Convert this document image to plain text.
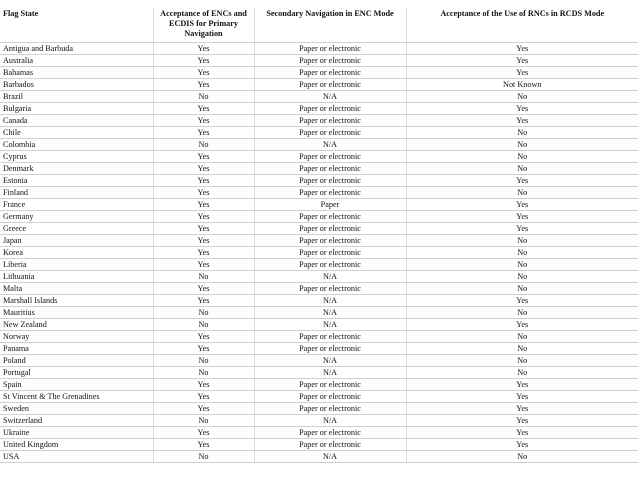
Flag State	Acceptance of ENCs and ECDIS for Primary Navigation	Secondary Navigation in ENC Mode	Acceptance of the Use of RNCs in RCDS Mode
Antigua and Barbuda	Yes	Paper or electronic	Yes
Australia	Yes	Paper or electronic	Yes
Bahamas	Yes	Paper or electronic	Yes
Barbados	Yes	Paper or electronic	Not Known
Brazil	No	N/A	No
Bulgaria	Yes	Paper or electronic	Yes
Canada	Yes	Paper or electronic	Yes
Chile	Yes	Paper or electronic	No
Colombia	No	N/A	No
Cyprus	Yes	Paper or electronic	No
Denmark	Yes	Paper or electronic	No
Estonia	Yes	Paper or electronic	Yes
Finland	Yes	Paper or electronic	No
France	Yes	Paper	Yes
Germany	Yes	Paper or electronic	Yes
Greece	Yes	Paper or electronic	Yes
Japan	Yes	Paper or electronic	No
Korea	Yes	Paper or electronic	No
Liberia	Yes	Paper or electronic	No
Lithuania	No	N/A	No
Malta	Yes	Paper or electronic	No
Marshall Islands	Yes	N/A	Yes
Mauritius	No	N/A	No
New Zealand	No	N/A	Yes
Norway	Yes	Paper or electronic	No
Panama	Yes	Paper or electronic	No
Poland	No	N/A	No
Portugal	No	N/A	No
Spain	Yes	Paper or electronic	Yes
St Vincent & The Grenadines	Yes	Paper or electronic	Yes
Sweden	Yes	Paper or electronic	Yes
Switzerland	No	N/A	Yes
Ukraine	Yes	Paper or electronic	Yes
United Kingdom	Yes	Paper or electronic	Yes
USA	No	N/A	No
